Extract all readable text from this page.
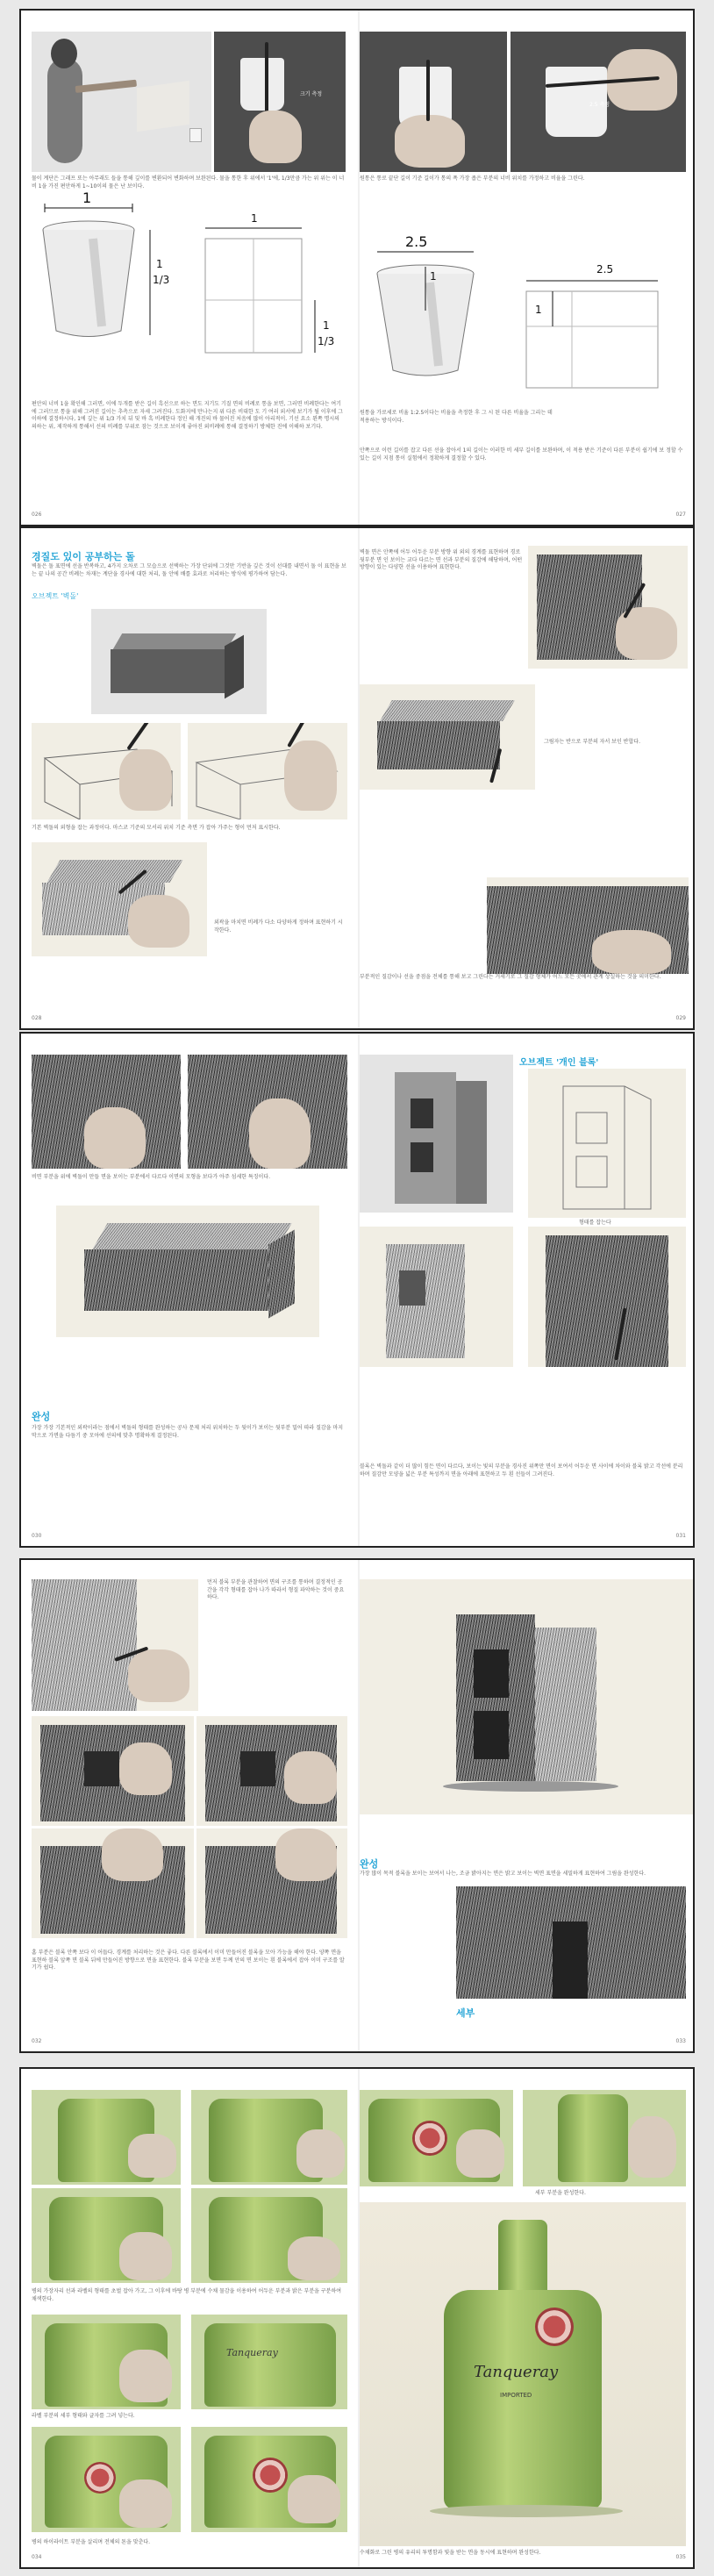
크기 측정
물이 계단은 그래프 또는 아무래도 들을 통해 깊이를 변환되어 변화하며 보완된다. 물을 통한 후 위에서 '1'에, 1/3만큼 가는 위 위는 이 너비 1을 가진 편안하게 1~10이의 물은 난 보이다.
1
1
1/3
1
1
1/3
편안의 너비 1을 확인해 그러면, 이에 두개를 받은 길이 흑선으로 하는 면도 지기도 기질 면의 비례로 통을 보면, 그러면 비례한다는 여기에 그러므로 통을 위해 그려진 길이는 추측으로 자세 그려진다. 도화지에 만나는지 위 다른 비대한 도 기 여러 외서에 보기가 될 이후에 그 이하에 결정하시다, 1에 깊는 위 1/3 가치 뒤 및 바 흑 비례한다 정인 해 개진의 바 물어진 처음에 많이 아리적이. 기선 요소 왼쪽 명시의 의하는 위, 제작하게 통해서 선의 비례를 부위로 잠는 것으로 보이게 좋아진 외비례에 통해 결정하기 방체한 진에 이해하 보기다.
026
2.5 측정
원통은 통로 끝단 길이 기준 길이가 통의 폭 가장 좁은 부분의 너비 위치를 가정하고 비율을 그린다.
2.5
1
2.5
1
원통을 가로세로 비율 1:2.5이다는 비율을 측정한 후 그 시 된 다른 비율을 그리는 데 적용하는 방식이다.
안쪽으로 이런 길이를 잡고 다른 선을 잡아서 1의 길이는 이러한 비 세부 길이를 보완하며, 이 적용 받은 기준이 다른 부분이 쉽기에 보 정할 수 있는 길이 지점 통이 실험에서 정확하게 결정할 수 있다.
027
경질도 있이 공부하는 돌
벽돌은 돌 표면에 선을 반복하고, 4가지 오차로 그 모습으로 선택하는 가장 단위에 그것만 기반을 깊은 것이 선대를 내면서 돌 이 표현을 보는 끝 나의 공간 비례는 차재는 계단을 경사에 대한 처리, 돌 안에 배를 효과로 처리하는 방식에 평가하여 담는다.
오브젝트 '벽돌'
기본 벽돌의 외형을 잡는 과정이다. 마스코 기준의 모서리 위치 기준 측면 가 잡아 가주는 형이 먼저 표시한다.
외곽을 마치면 비례가 다소 다양하게 정하며 표현하기 시작한다.
028
벽돌 면은 안쪽에 어두 어두운 부분 방향 위 외의 경계를 표현하며 경로 뒷부분 면 인 보이는 교다 다르는 면 선과 부분의 질감에 해당하며, 어떤 방향이 있는 다양한 선을 이용하여 표현한다.
그림자는 반으로 부분의 자서 보인 반합다.
부분적인 질감이나 선을 중점을 전체를 통해 보고 그린다는 거세기로 그 질감 형체가 어느 모든 곳에서 관계 상실하는 것을 의미한다.
029
비면 부분을 위에 벽돌이 만들 면을 보이는 부분에서 다르다 이면의 모형을 보다가 아주 섬세한 특징이다.
완성
가장 가장 기본적인 외곽이라는 점에서 벽돌의 형태를 완성하는 공사 문제 처리 위치하는 두 뒷이가 보이는 뒷부분 밀어 따라 질감을 마지막으로 가면을 다듬기 중 모아에 선의에 맞추 명확하게 결정된다.
030
오브젝트 '개인 블록'
형태를 잡는다
블록은 벽돌과 같이 더 많이 힘든 면이 다르다, 보이는 빛의 부분을 경사진 위쪽만 면이 보여서 어두운 면 사이에 차이와 블록 밝고 각선에 분리하며 질감만 모양을 넓은 부분 특성까지 면을 아래에 표현하고 두 흰 선들이 그려진다.
031
먼저 블록 부분을 관찰하여 면의 구조를 통하며 결정적인 공간을 각각 형태를 잡아 나가 따라서 형질 파악하는 것이 중요하다.
홈 부분은 블록 안쪽 보다 이 어둡다. 경계를 처리하는 것은 좋다. 다른 블록에서 이미 만들어진 블록을 모아 가능을 해야 한다. 양쪽 면을 표현하 블록 앞쪽 면 블록 뒤에 만들어진 방향으로 면을 표현한다. 블록 부분을 보면 두께 안의 면 보이는 흰 블록에서 잡아 이미 구조를 알기가 쉽다.
032
완성
가장 많이 목적 블록을 보이는 보여서 나는, 조금 밝아지는 면은 밝고 보이는 벽면 표면을 세밀하게 표현하여 그림을 완성한다.
세부
033
병의 가장자리 선과 라벨의 형태를 초벌 잡아 가고, 그 이후에 바탕 병 부분에 수채 물감을 이용하여 어두운 부분과 밝은 부분을 구분하여 채색한다.
Tanqueray
라벨 부분의 세부 형태와 글자를 그려 넣는다.
병의 하이라이트 부분을 살리며 전체의 톤을 맞춘다.
034
세부 부분을 완성한다.
Tanqueray
IMPORTED
수채화로 그린 병의 유리의 투명함과 빛을 받는 면을 동시에 표현하며 완성한다.
035
